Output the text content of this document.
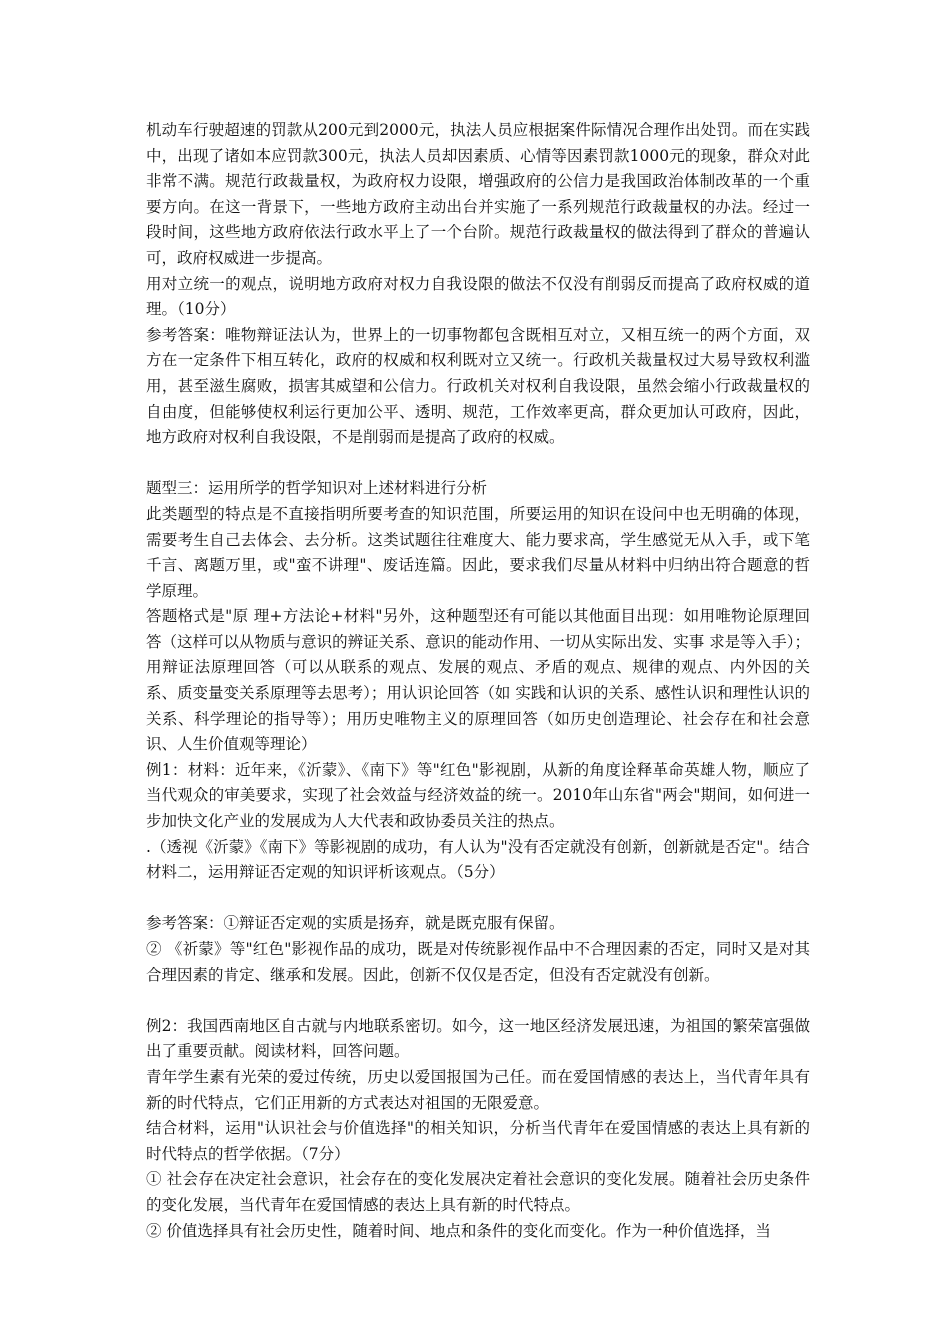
机动车行驶超速的罚款从200元到2000元，执法人员应根据案件际情况合理作出处罚。而在实践中，出现了诸如本应罚款300元，执法人员却因素质、心情等因素罚款1000元的现象，群众对此非常不满。规范行政裁量权，为政府权力设限，增强政府的公信力是我国政治体制改革的一个重要方向。在这一背景下，一些地方政府主动出台并实施了一系列规范行政裁量权的办法。经过一段时间，这些地方政府依法行政水平上了一个台阶。规范行政裁量权的做法得到了群众的普遍认可，政府权威进一步提高。

用对立统一的观点，说明地方政府对权力自我设限的做法不仅没有削弱反而提高了政府权威的道理。（10分）

参考答案：唯物辩证法认为，世界上的一切事物都包含既相互对立，又相互统一的两个方面，双方在一定条件下相互转化，政府的权威和权利既对立又统一。行政机关裁量权过大易导致权利滥用，甚至滋生腐败，损害其威望和公信力。行政机关对权利自我设限，虽然会缩小行政裁量权的自由度，但能够使权利运行更加公平、透明、规范，工作效率更高，群众更加认可政府，因此，地方政府对权利自我设限，不是削弱而是提高了政府的权威。

题型三：运用所学的哲学知识对上述材料进行分析

此类题型的特点是不直接指明所要考查的知识范围，所要运用的知识在设问中也无明确的体现，需要考生自己去体会、去分析。这类试题往往难度大、能力要求高，学生感觉无从入手，或下笔千言、离题万里，或"蛮不讲理"、废话连篇。因此，要求我们尽量从材料中归纳出符合题意的哲学原理。

答题格式是"原 理+方法论+材料"另外，这种题型还有可能以其他面目出现：如用唯物论原理回答（这样可以从物质与意识的辨证关系、意识的能动作用、一切从实际出发、实事 求是等入手）；用辩证法原理回答（可以从联系的观点、发展的观点、矛盾的观点、规律的观点、内外因的关系、质变量变关系原理等去思考）；用认识论回答（如 实践和认识的关系、感性认识和理性认识的关系、科学理论的指导等）；用历史唯物主义的原理回答（如历史创造理论、社会存在和社会意识、人生价值观等理论）

例1：材料：近年来，《沂蒙》、《南下》等"红色"影视剧，从新的角度诠释革命英雄人物，顺应了当代观众的审美要求，实现了社会效益与经济效益的统一。2010年山东省"两会"期间，如何进一步加快文化产业的发展成为人大代表和政协委员关注的热点。

.（透视《沂蒙》《南下》等影视剧的成功，有人认为"没有否定就没有创新，创新就是否定"。结合材料二，运用辩证否定观的知识评析该观点。（5分）

参考答案：①辩证否定观的实质是扬弃，就是既克服有保留。

② 《祈蒙》等"红色"影视作品的成功，既是对传统影视作品中不合理因素的否定，同时又是对其合理因素的肯定、继承和发展。因此，创新不仅仅是否定，但没有否定就没有创新。

例2：我国西南地区自古就与内地联系密切。如今，这一地区经济发展迅速，为祖国的繁荣富强做出了重要贡献。阅读材料，回答问题。

青年学生素有光荣的爱过传统，历史以爱国报国为己任。而在爱国情感的表达上，当代青年具有新的时代特点，它们正用新的方式表达对祖国的无限爱意。

结合材料，运用"认识社会与价值选择"的相关知识，分析当代青年在爱国情感的表达上具有新的时代特点的哲学依据。（7分）

① 社会存在决定社会意识，社会存在的变化发展决定着社会意识的变化发展。随着社会历史条件的变化发展，当代青年在爱国情感的表达上具有新的时代特点。

② 价值选择具有社会历史性，随着时间、地点和条件的变化而变化。作为一种价值选择，当
